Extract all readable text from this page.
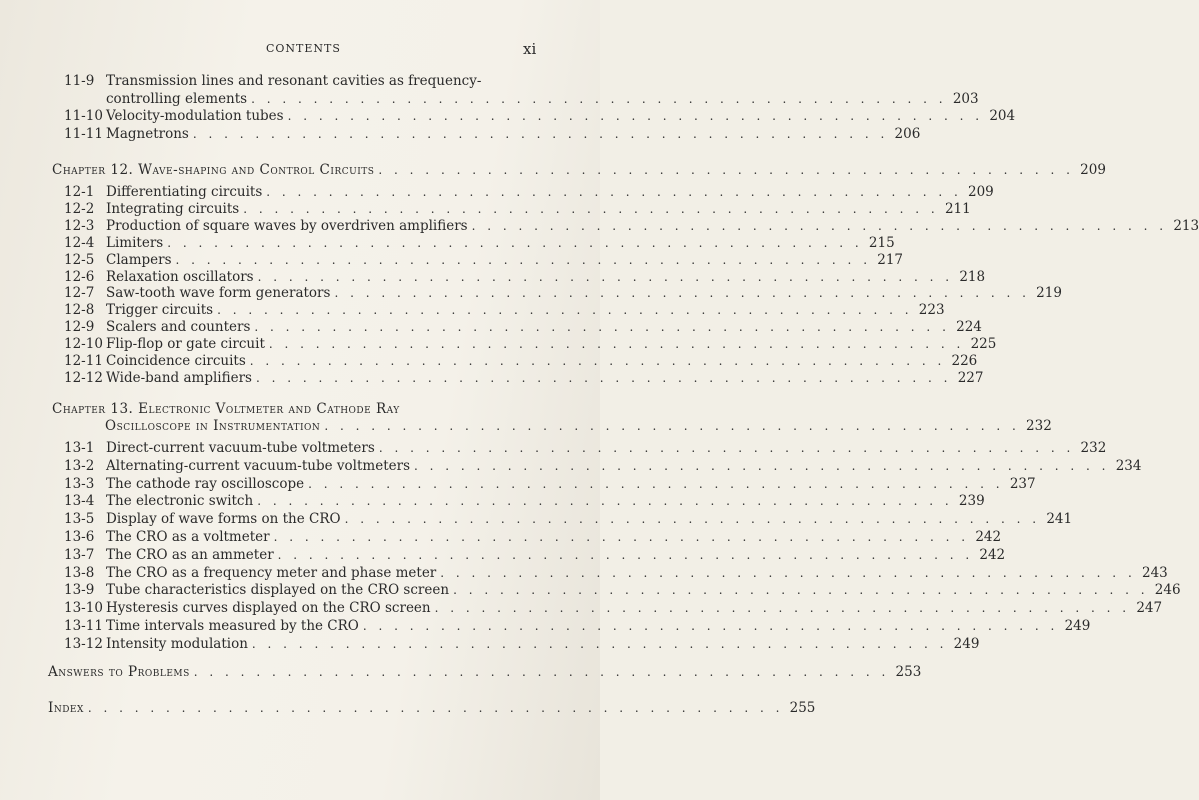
CONTENTS	xi
11-9 Transmission lines and resonant cavities as frequency-
controlling elements . . . . . . . . . . . . . . . . . . . . . . . . . . . . . . . . . . . . . . . . . . . . . 203
11-10 Velocity-modulation tubes . . . . . . . . . . . . . . . . . . . . . . . . . . . . . . . . . . . . . . . . . . . . . 204
11-11 Magnetrons . . . . . . . . . . . . . . . . . . . . . . . . . . . . . . . . . . . . . . . . . . . . . 206
Chapter 12. Wave-shaping and Control Circuits . . . . . . . . . . . . . . . . . . . . . . . . . . . . . . . . . . . . . . . . . . . . . 209
12-1 Differentiating circuits . . . . . . . . . . . . . . . . . . . . . . . . . . . . . . . . . . . . . . . . . . . . . 209
12-2 Integrating circuits . . . . . . . . . . . . . . . . . . . . . . . . . . . . . . . . . . . . . . . . . . . . . 211
12-3 Production of square waves by overdriven amplifiers . . . . . . . . . . . . . . . . . . . . . . . . . . . . . . . . . . . . . . . . . . . . . 213
12-4 Limiters . . . . . . . . . . . . . . . . . . . . . . . . . . . . . . . . . . . . . . . . . . . . . 215
12-5 Clampers . . . . . . . . . . . . . . . . . . . . . . . . . . . . . . . . . . . . . . . . . . . . . 217
12-6 Relaxation oscillators . . . . . . . . . . . . . . . . . . . . . . . . . . . . . . . . . . . . . . . . . . . . . 218
12-7 Saw-tooth wave form generators . . . . . . . . . . . . . . . . . . . . . . . . . . . . . . . . . . . . . . . . . . . . . 219
12-8 Trigger circuits . . . . . . . . . . . . . . . . . . . . . . . . . . . . . . . . . . . . . . . . . . . . . 223
12-9 Scalers and counters . . . . . . . . . . . . . . . . . . . . . . . . . . . . . . . . . . . . . . . . . . . . . 224
12-10 Flip-flop or gate circuit . . . . . . . . . . . . . . . . . . . . . . . . . . . . . . . . . . . . . . . . . . . . . 225
12-11 Coincidence circuits . . . . . . . . . . . . . . . . . . . . . . . . . . . . . . . . . . . . . . . . . . . . . 226
12-12 Wide-band amplifiers . . . . . . . . . . . . . . . . . . . . . . . . . . . . . . . . . . . . . . . . . . . . . 227
Chapter 13. Electronic Voltmeter and Cathode Ray
Oscilloscope in Instrumentation . . . . . . . . . . . . . . . . . . . . . . . . . . . . . . . . . . . . . . . . . . . . . 232
13-1 Direct-current vacuum-tube voltmeters . . . . . . . . . . . . . . . . . . . . . . . . . . . . . . . . . . . . . . . . . . . . . 232
13-2 Alternating-current vacuum-tube voltmeters . . . . . . . . . . . . . . . . . . . . . . . . . . . . . . . . . . . . . . . . . . . . . 234
13-3 The cathode ray oscilloscope . . . . . . . . . . . . . . . . . . . . . . . . . . . . . . . . . . . . . . . . . . . . . 237
13-4 The electronic switch . . . . . . . . . . . . . . . . . . . . . . . . . . . . . . . . . . . . . . . . . . . . . 239
13-5 Display of wave forms on the CRO . . . . . . . . . . . . . . . . . . . . . . . . . . . . . . . . . . . . . . . . . . . . . 241
13-6 The CRO as a voltmeter . . . . . . . . . . . . . . . . . . . . . . . . . . . . . . . . . . . . . . . . . . . . . 242
13-7 The CRO as an ammeter . . . . . . . . . . . . . . . . . . . . . . . . . . . . . . . . . . . . . . . . . . . . . 242
13-8 The CRO as a frequency meter and phase meter . . . . . . . . . . . . . . . . . . . . . . . . . . . . . . . . . . . . . . . . . . . . . 243
13-9 Tube characteristics displayed on the CRO screen . . . . . . . . . . . . . . . . . . . . . . . . . . . . . . . . . . . . . . . . . . . . . 246
13-10 Hysteresis curves displayed on the CRO screen . . . . . . . . . . . . . . . . . . . . . . . . . . . . . . . . . . . . . . . . . . . . . 247
13-11 Time intervals measured by the CRO . . . . . . . . . . . . . . . . . . . . . . . . . . . . . . . . . . . . . . . . . . . . . 249
13-12 Intensity modulation . . . . . . . . . . . . . . . . . . . . . . . . . . . . . . . . . . . . . . . . . . . . . 249
Answers to Problems . . . . . . . . . . . . . . . . . . . . . . . . . . . . . . . . . . . . . . . . . . . . . 253
Index . . . . . . . . . . . . . . . . . . . . . . . . . . . . . . . . . . . . . . . . . . . . . 255
